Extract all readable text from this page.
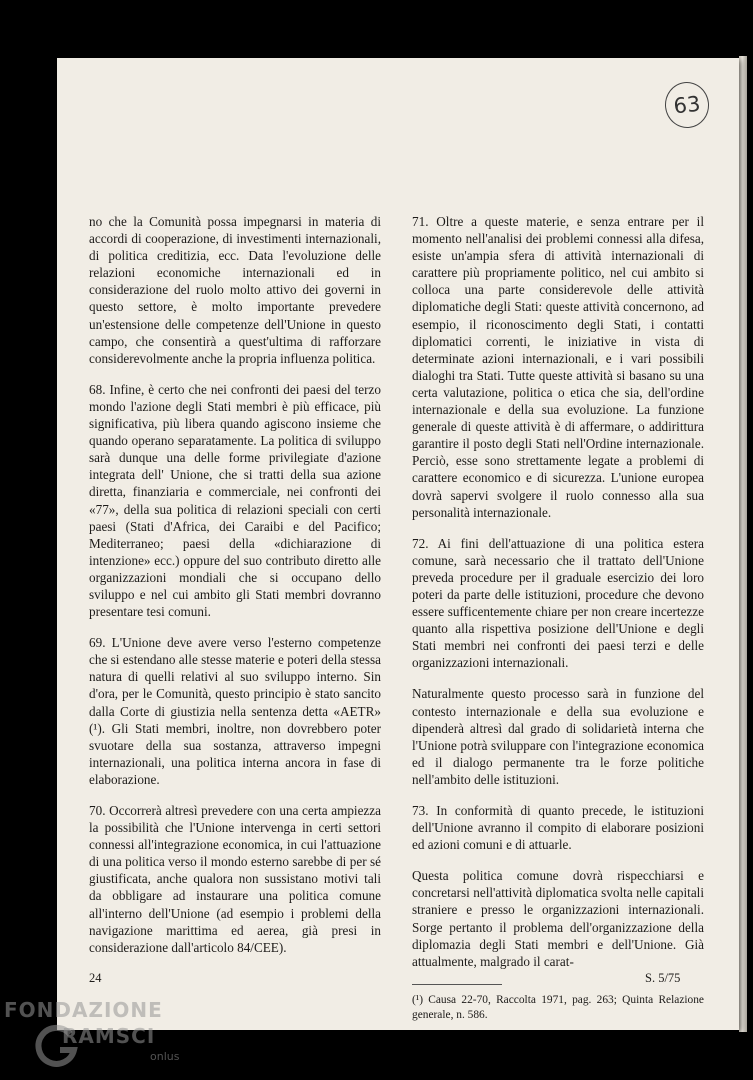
63

no che la Comunità possa impegnarsi in materia di accordi di cooperazione, di investimenti internazionali, di politica creditizia, ecc. Data l'evoluzione delle relazioni economiche internazionali ed in considerazione del ruolo molto attivo dei governi in questo settore, è molto importante prevedere un'estensione delle competenze dell'Unione in questo campo, che consentirà a quest'ultima di rafforzare considerevolmente anche la propria influenza politica.

68. Infine, è certo che nei confronti dei paesi del terzo mondo l'azione degli Stati membri è più efficace, più significativa, più libera quando agiscono insieme che quando operano separatamente. La politica di sviluppo sarà dunque una delle forme privilegiate d'azione integrata dell' Unione, che si tratti della sua azione diretta, finanziaria e commerciale, nei confronti dei «77», della sua politica di relazioni speciali con certi paesi (Stati d'Africa, dei Caraibi e del Pacifico; Mediterraneo; paesi della «dichiarazione di intenzione» ecc.) oppure del suo contributo diretto alle organizzazioni mondiali che si occupano dello sviluppo e nel cui ambito gli Stati membri dovranno presentare tesi comuni.

69. L'Unione deve avere verso l'esterno competenze che si estendano alle stesse materie e poteri della stessa natura di quelli relativi al suo sviluppo interno. Sin d'ora, per le Comunità, questo principio è stato sancito dalla Corte di giustizia nella sentenza detta «AETR» (¹). Gli Stati membri, inoltre, non dovrebbero poter svuotare della sua sostanza, attraverso impegni internazionali, una politica interna ancora in fase di elaborazione.

70. Occorrerà altresì prevedere con una certa ampiezza la possibilità che l'Unione intervenga in certi settori connessi all'integrazione economica, in cui l'attuazione di una politica verso il mondo esterno sarebbe di per sé giustificata, anche qualora non sussistano motivi tali da obbligare ad instaurare una politica comune all'interno dell'Unione (ad esempio i problemi della navigazione marittima ed aerea, già presi in considerazione dall'articolo 84/CEE).

71. Oltre a queste materie, e senza entrare per il momento nell'analisi dei problemi connessi alla difesa, esiste un'ampia sfera di attività internazionali di carattere più propriamente politico, nel cui ambito si colloca una parte considerevole delle attività diplomatiche degli Stati: queste attività concernono, ad esempio, il riconoscimento degli Stati, i contatti diplomatici correnti, le iniziative in vista di determinate azioni internazionali, e i vari possibili dialoghi tra Stati. Tutte queste attività si basano su una certa valutazione, politica o etica che sia, dell'ordine internazionale e della sua evoluzione. La funzione generale di queste attività è di affermare, o addirittura garantire il posto degli Stati nell'Ordine internazionale. Perciò, esse sono strettamente legate a problemi di carattere economico e di sicurezza. L'unione europea dovrà sapervi svolgere il ruolo connesso alla sua personalità internazionale.

72. Ai fini dell'attuazione di una politica estera comune, sarà necessario che il trattato dell'Unione preveda procedure per il graduale esercizio dei loro poteri da parte delle istituzioni, procedure che devono essere sufficentemente chiare per non creare incertezze quanto alla rispettiva posizione dell'Unione e degli Stati membri nei confronti dei paesi terzi e delle organizzazioni internazionali.

Naturalmente questo processo sarà in funzione del contesto internazionale e della sua evoluzione e dipenderà altresì dal grado di solidarietà interna che l'Unione potrà sviluppare con l'integrazione economica ed il dialogo permanente tra le forze politiche nell'ambito delle istituzioni.

73. In conformità di quanto precede, le istituzioni dell'Unione avranno il compito di elaborare posizioni ed azioni comuni e di attuarle.

Questa politica comune dovrà rispecchiarsi e concretarsi nell'attività diplomatica svolta nelle capitali straniere e presso le organizzazioni internazionali. Sorge pertanto il problema dell'organizzazione della diplomazia degli Stati membri e dell'Unione. Già attualmente, malgrado il carat-

(¹) Causa 22-70, Raccolta 1971, pag. 263; Quinta Relazione generale, n. 586.

24	S. 5/75
FONDAZIONE
RAMSCI
onlus
